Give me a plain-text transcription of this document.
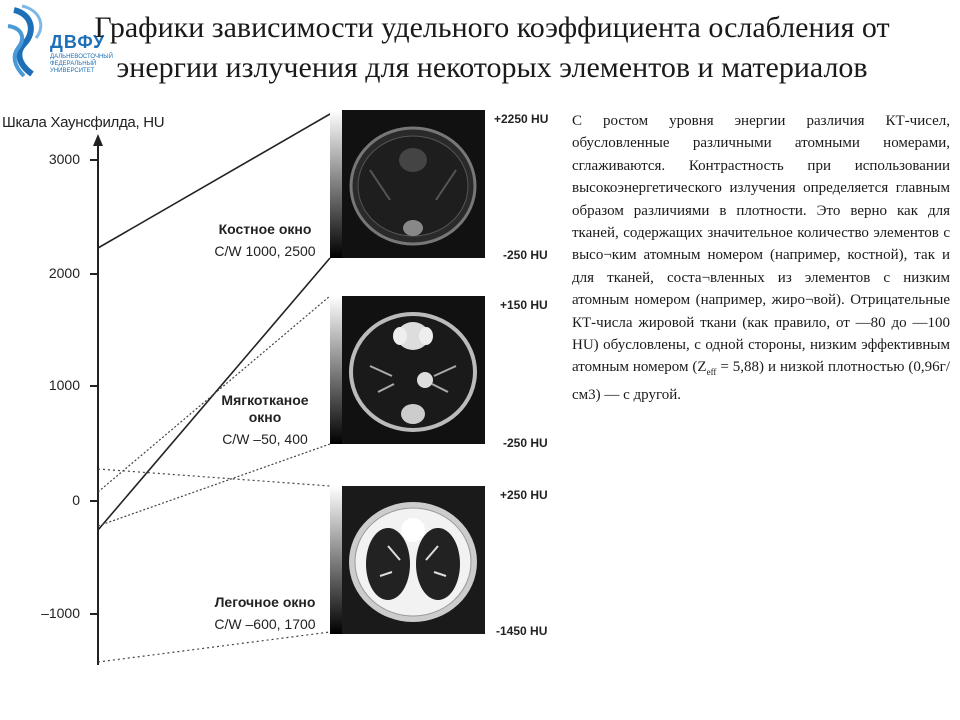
ДВФУ
ДАЛЬНЕВОСТОЧНЫЙ
ФЕДЕРАЛЬНЫЙ
УНИВЕРСИТЕТ
Графики зависимости удельного коэффициента ослабления от
энергии излучения для некоторых элементов и материалов
Шкала Хаунсфилда, HU
3000
2000
1000
0
–1000
+2250 HU
-250 HU
Костное окно
C/W 1000, 2500
+150 HU
-250 HU
Мягкотканое
окно
C/W –50, 400
+250 HU
-1450 HU
Легочное окно
C/W –600, 1700
С ростом уровня энергии различия КТ-чисел, обусловленные различными атомными номерами, сглаживаются. Контрастность при использовании высокоэнергетического излучения определяется главным образом различиями в плотности. Это верно как для тканей, содержащих значительное количество элементов с высо¬ким атомным номером (например, костной), так и для тканей, соста¬вленных из элементов с низким атомным номером (например, жиро¬вой). Отрицательные КТ-числа жировой ткани (как правило, от —80 до —100 HU) обусловлены, с одной стороны, низким эффективным атомным номером $(Z_{eff} = 5,88)$ и низкой плотностью (0,96г/см3) — с другой.
